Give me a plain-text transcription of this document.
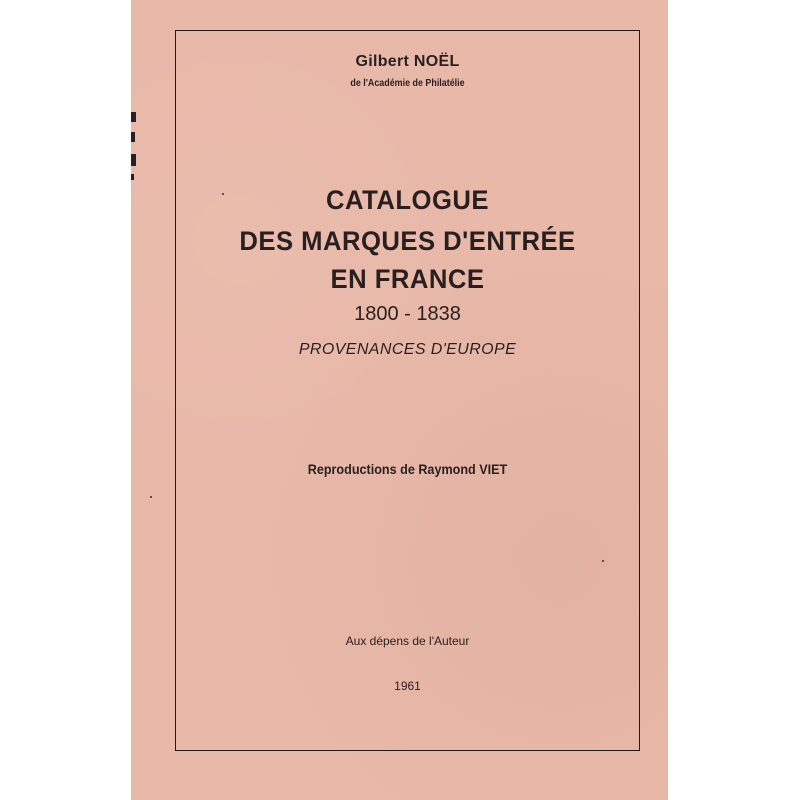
Gilbert NOËL
de l'Académie de Philatélie
CATALOGUE
DES MARQUES D'ENTRÉE
EN FRANCE
1800 - 1838
PROVENANCES D'EUROPE
Reproductions de Raymond VIET
Aux dépens de l'Auteur
1961
